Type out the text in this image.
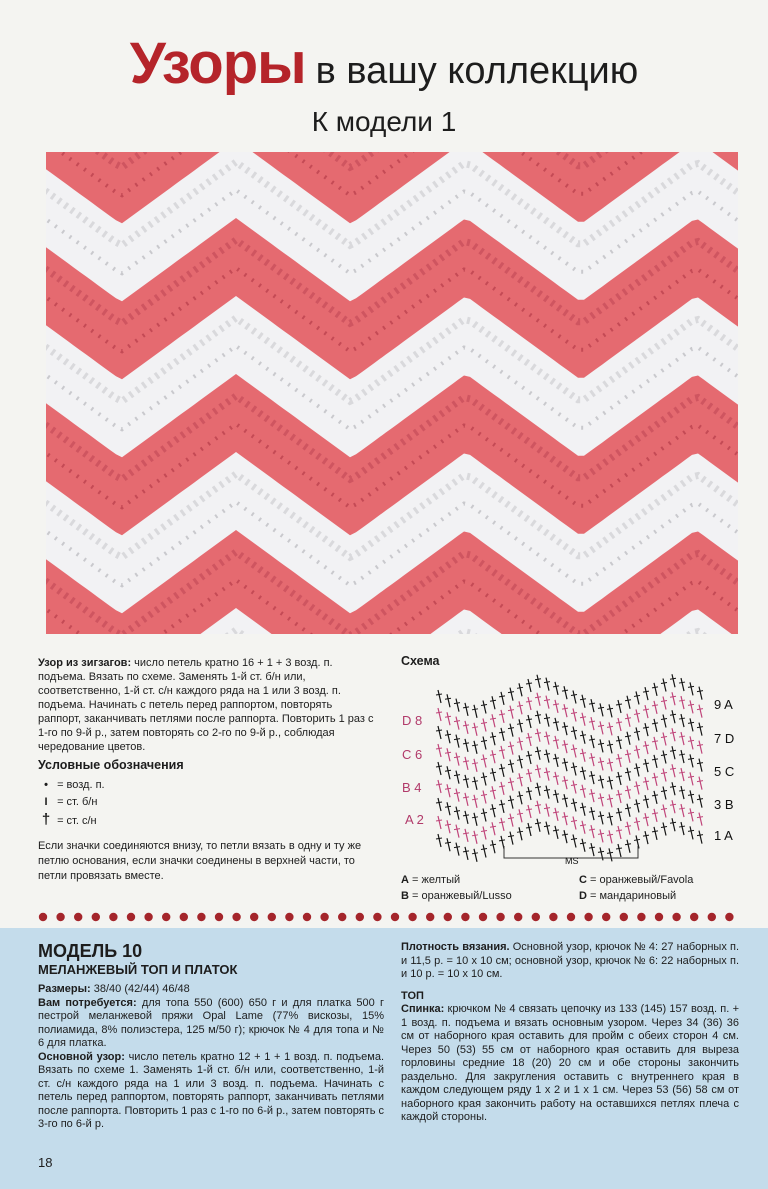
Узоры в вашу коллекцию
К модели 1
Узор из зигзагов: число петель кратно 16 + 1 + 3 возд. п. подъема. Вязать по схеме. Заменять 1-й ст. б/н или, соответственно, 1-й ст. с/н каждого ряда на 1 или 3 возд. п. подъема. Начинать с петель перед раппортом, повторять раппорт, заканчивать петлями после раппорта. Повторить 1 раз с 1-го по 9-й р., затем повторять со 2-го по 9-й р., соблюдая чередование цветов.
Условные обозначения
• = возд. п.
I = ст. б/н
† = ст. с/н
Если значки соединяются внизу, то петли вязать в одну и ту же петлю основания, если значки соединены в верхней части, то петли провязать вместе.
Схема
D 8
C 6
B 4
A 2
9 A
7 D
5 C
3 B
1 A
MS
A = желтый	C = оранжевый/Favola
B = оранжевый/Lusso	D = мандариновый
МОДЕЛЬ 10
МЕЛАНЖЕВЫЙ ТОП И ПЛАТОК

Размеры: 38/40 (42/44) 46/48

Вам потребуется: для топа 550 (600) 650 г и для платка 500 г пестрой меланжевой пряжи Opal Lame (77% вискозы, 15% полиамида, 8% полиэстера, 125 м/50 г); крючок № 4 для топа и № 6 для платка.

Основной узор: число петель кратно 12 + 1 + 1 возд. п. подъема. Вязать по схеме 1. Заменять 1-й ст. б/н или, соответственно, 1-й ст. с/н каждого ряда на 1 или 3 возд. п. подъема. Начинать с петель перед раппортом, повторять раппорт, заканчивать петлями после раппорта. Повторить 1 раз с 1-го по 6-й р., затем повторять с 3-го по 6-й р.

Плотность вязания. Основной узор, крючок № 4: 27 наборных п. и 11,5 р. = 10 х 10 см; основной узор, крючок № 6: 22 наборных п. и 10 р. = 10 х 10 см.

ТОП

Спинка: крючком № 4 связать цепочку из 133 (145) 157 возд. п. + 1 возд. п. подъема и вязать основным узором. Через 34 (36) 36 см от наборного края оставить для пройм с обеих сторон 4 см. Через 50 (53) 55 см от наборного края оставить для выреза горловины средние 18 (20) 20 см и обе стороны закончить раздельно. Для закругления оставить с внутреннего края в каждом следующем ряду 1 х 2 и 1 х 1 см. Через 53 (56) 58 см от наборного края закончить работу на оставшихся петлях плеча с каждой стороны.

18
